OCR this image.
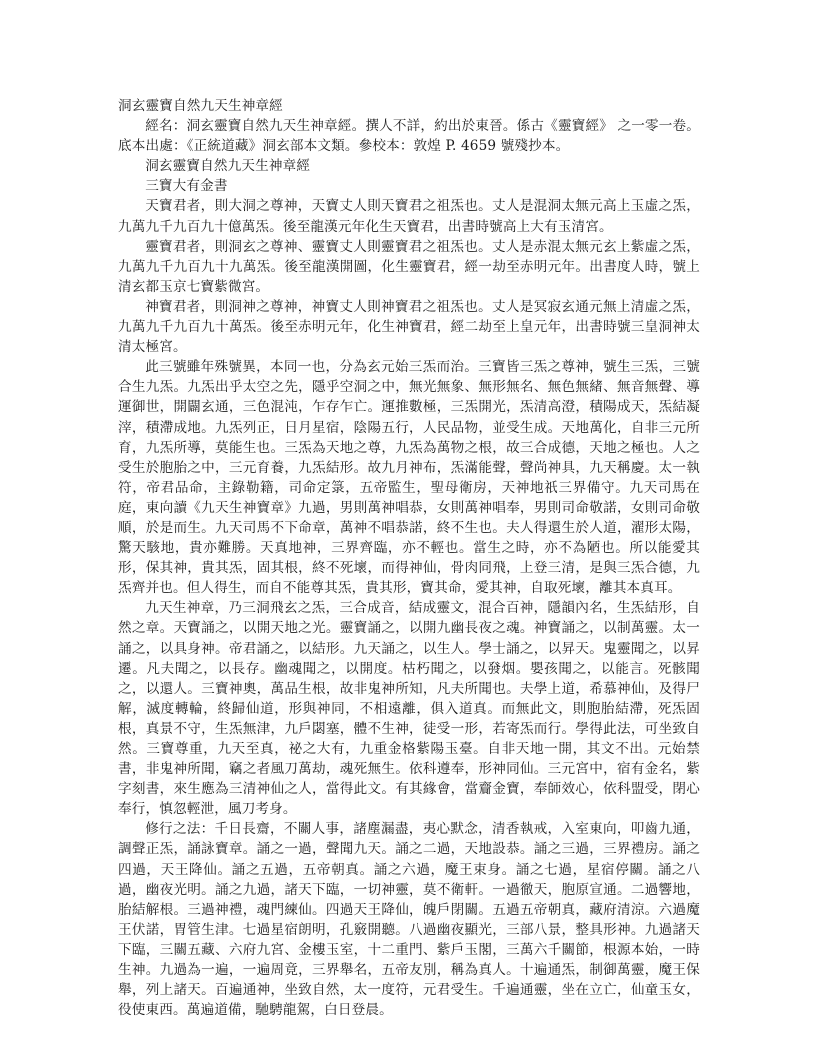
洞玄靈寶自然九天生神章經

經名：洞玄靈寶自然九天生神章經。撰人不詳，約出於東晉。係古《靈寶經》 之一零一卷。底本出處：《正統道藏》洞玄部本文類。參校本：敦煌 P. 4659 號殘抄本。

洞玄靈寶自然九天生神章經

三寶大有金書

天寶君者，則大洞之尊神，天寶丈人則天寶君之祖炁也。丈人是混洞太無元高上玉虛之炁，九萬九千九百九十億萬炁。後至龍漢元年化生天寶君，出書時號高上大有玉清宮。

靈寶君者，則洞玄之尊神、靈寶丈人則靈寶君之祖炁也。丈人是赤混太無元玄上紫虛之炁，九萬九千九百九十九萬炁。後至龍漢開圖，化生靈寶君，經一劫至赤明元年。出書度人時，號上清玄都玉京七寶紫微宮。

神寶君者，則洞神之尊神，神寶丈人則神寶君之祖炁也。丈人是冥寂玄通元無上清虛之炁，九萬九千九百九十萬炁。後至赤明元年，化生神寶君，經二劫至上皇元年，出書時號三皇洞神太清太極宮。

此三號雖年殊號異，本同一也，分為玄元始三炁而治。三寶皆三炁之尊神，號生三炁，三號合生九炁。九炁出乎太空之先，隱乎空洞之中，無光無象、無形無名、無色無緒、無音無聲、導運御世，開闢玄通，三色混沌，乍存乍亡。運推數極，三炁開光，炁清高澄，積陽成天，炁結凝滓，積滯成地。九炁列正，日月星宿，陰陽五行，人民品物，並受生成。天地萬化，自非三元所育，九炁所導，莫能生也。三炁為天地之尊，九炁為萬物之根，故三合成德，天地之極也。人之受生於胞胎之中，三元育養，九炁結形。故九月神布，炁滿能聲，聲尚神具，九天稱慶。太一執符，帝君品命，主錄勒籍，司命定箓，五帝監生，聖母衛房，天神地祇三界備守。九天司馬在庭，東向讀《九天生神寶章》九過，男則萬神唱恭，女則萬神唱奉，男則司命敬諾，女則司命敬順，於是而生。九天司馬不下命章，萬神不唱恭諾，終不生也。夫人得還生於人道，濯形太陽，驚天駭地，貴亦難勝。天真地神，三界齊臨，亦不輕也。當生之時，亦不為陋也。所以能愛其形，保其神，貴其炁，固其根，終不死壞，而得神仙，骨肉同飛，上登三清，是與三炁合德，九炁齊并也。但人得生，而自不能尊其炁，貴其形，寶其命，愛其神，自取死壞，離其本真耳。

九天生神章，乃三洞飛玄之炁，三合成音，結成靈文，混合百神，隱韻內名，生炁結形，自然之章。天寶誦之，以開天地之光。靈寶誦之，以開九幽長夜之魂。神寶誦之，以制萬靈。太一誦之，以具身神。帝君誦之，以結形。九天誦之，以生人。學士誦之，以昇天。鬼靈聞之，以昇遷。凡夫聞之，以長存。幽魂聞之，以開度。枯朽聞之，以發烟。嬰孩聞之，以能言。死骸聞之，以還人。三寶神奧，萬品生根，故非鬼神所知，凡夫所聞也。夫學上道，希慕神仙，及得尸解，滅度轉輪，終歸仙道，形與神同，不相遠離，俱入道真。而無此文，則胞胎結滯，死炁固根，真景不守，生炁無津，九戶閟塞，體不生神，徒受一形，若寄炁而行。學得此法，可坐致自然。三寶尊重，九天至真，祕之大有，九重金格紫陽玉臺。自非天地一開，其文不出。元始禁書，非鬼神所聞，竊之者風刀萬劫，魂死無生。依科遵奉，形神同仙。三元宮中，宿有金名，紫字刻書，來生應為三清神仙之人，當得此文。有其緣會，當齎金寶，奉師效心，依科盟受，閉心奉行，慎忽輕泄，風刀考身。

修行之法：千日長齋，不關人事，諸塵漏盡，夷心默念，清香執戒，入室東向，叩齒九通，調聲正炁，誦詠寶章。誦之一過，聲聞九天。誦之二過，天地設恭。誦之三過，三界禮房。誦之四過，天王降仙。誦之五過，五帝朝真。誦之六過，魔王束身。誦之七過，星宿停關。誦之八過，幽夜光明。誦之九過，諸天下臨，一切神靈，莫不衛軒。一過徹天，胞原宣通。二過響地，胎結解根。三過神禮，魂門練仙。四過天王降仙，魄戶閉關。五過五帝朝真，藏府清涼。六過魔王伏諾，胃管生津。七過星宿朗明，孔竅開聽。八過幽夜顯光，三部八景，整具形神。九過諸天下臨，三關五藏、六府九宮、金樓玉室，十二重門、紫戶玉閣，三萬六千關節，根源本始，一時生神。九過為一遍，一遍周竟，三界舉名，五帝友別，稱為真人。十遍通炁，制御萬靈，魔王保舉，列上諸天。百遍通神，坐致自然，太一度符，元君受生。千遍通靈，坐在立亡，仙童玉女，役使東西。萬遍道備，馳騁龍駕，白日登晨。
